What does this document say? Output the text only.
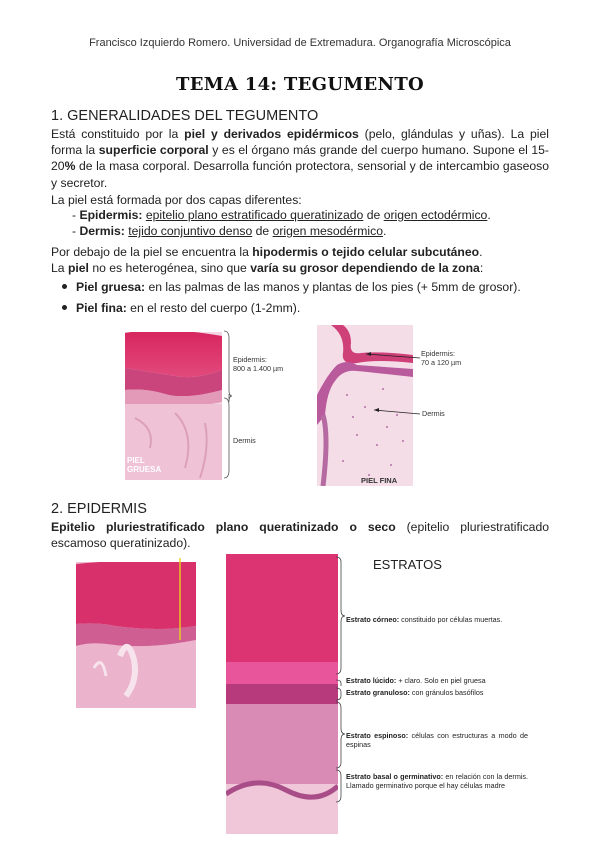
Francisco Izquierdo Romero. Universidad de Extremadura. Organografía Microscópica
TEMA 14: TEGUMENTO
1. GENERALIDADES DEL TEGUMENTO
Está constituido por la piel y derivados epidérmicos (pelo, glándulas y uñas). La piel forma la superficie corporal y es el órgano más grande del cuerpo humano. Supone el 15-20% de la masa corporal. Desarrolla función protectora, sensorial y de intercambio gaseoso y secretor.
La piel está formada por dos capas diferentes:
- Epidermis: epitelio plano estratificado queratinizado de origen ectodérmico.
- Dermis: tejido conjuntivo denso de origen mesodérmico.
Por debajo de la piel se encuentra la hipodermis o tejido celular subcutáneo.
La piel no es heterogénea, sino que varía su grosor dependiendo de la zona:
Piel gruesa: en las palmas de las manos y plantas de los pies (+ 5mm de grosor).
Piel fina: en el resto del cuerpo (1-2mm).
PIEL
GRUESA
Epidermis:
800 a 1.400 µm
Dermis
PIEL FINA
Epidermis:
70 a 120 µm
Dermis
2. EPIDERMIS
Epitelio pluriestratificado plano queratinizado o seco (epitelio pluriestratificado escamoso queratinizado).
ESTRATOS
Estrato córneo: constituido por células muertas.
Estrato lúcido: + claro. Solo en piel gruesa
Estrato granuloso: con gránulos basófilos
Estrato espinoso: células con estructuras a modo de espinas
Estrato basal o germinativo: en relación con la dermis. Llamado germinativo porque el hay células madre
